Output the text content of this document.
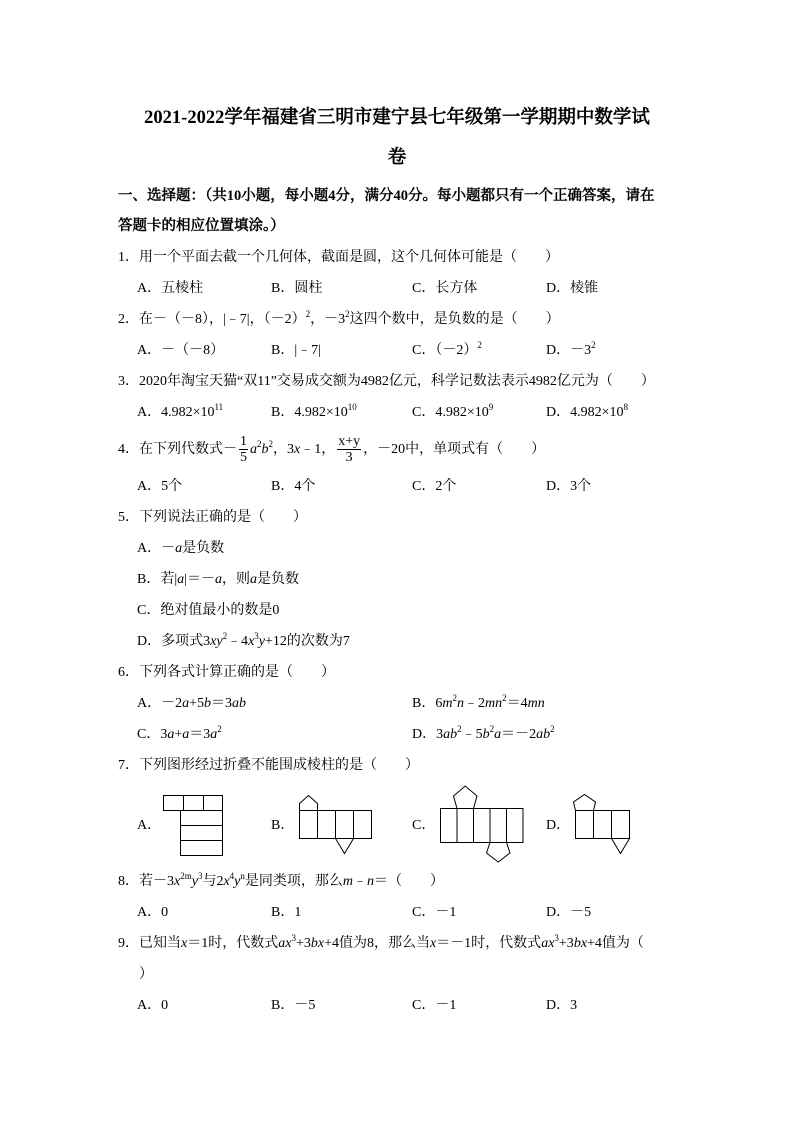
2021-2022学年福建省三明市建宁县七年级第一学期期中数学试
卷
一、选择题：（共10小题，每小题4分，满分40分。每小题都只有一个正确答案，请在
答题卡的相应位置填涂。）
1．用一个平面去截一个几何体，截面是圆，这个几何体可能是（　　）
A．五棱柱	B．圆柱	C．长方体	D．棱锥
2．在－（－8），|﹣7|，$(-2)^2$，$-3^2$这四个数中，是负数的是（　　）
A．－（－8）	B．|﹣7|	C．$(-2)^2$	D．$-3^2$
3．2020年淘宝天猫“双11”交易成交额为4982亿元，科学记数法表示4982亿元为（　　）
A．$4.982\times 10^{11}$	B．$4.982\times 10^{10}$	C．$4.982\times 10^9$	D．$4.982\times 10^8$
4．在下列代数式－ $\frac{1}{5} a^2b^2$，3x﹣1， $\frac{x+y}{3}$ ，－20中，单项式有（　　）
A．5个	B．4个	C．2个	D．3个
5．下列说法正确的是（　　）
A．－a是负数
B．若|a|＝－a，则a是负数
C．绝对值最小的数是0
D．多项式$3xy^2﹣4x^3y+12$的次数为7
6．下列各式计算正确的是（　　）
A．－2a+5b＝3ab	B．$6m^2n﹣2mn^2=4mn$
C．$3a+a=3a^2$	D．$3ab^2﹣5b^2a=-2ab^2$
7．下列图形经过折叠不能围成棱柱的是（　　）
A．	B．	C．	D．
8．若$-3x^{2m}y^3$与$2x^4y^n$是同类项，那么m﹣n＝（　　）
A．0	B．1	C．－1	D．－5
9．已知当x＝1时，代数式$ax^3+3bx+4$值为8，那么当x＝－1时，代数式$ax^3+3bx+4$值为（
）
A．0	B．－5	C．－1	D．3
